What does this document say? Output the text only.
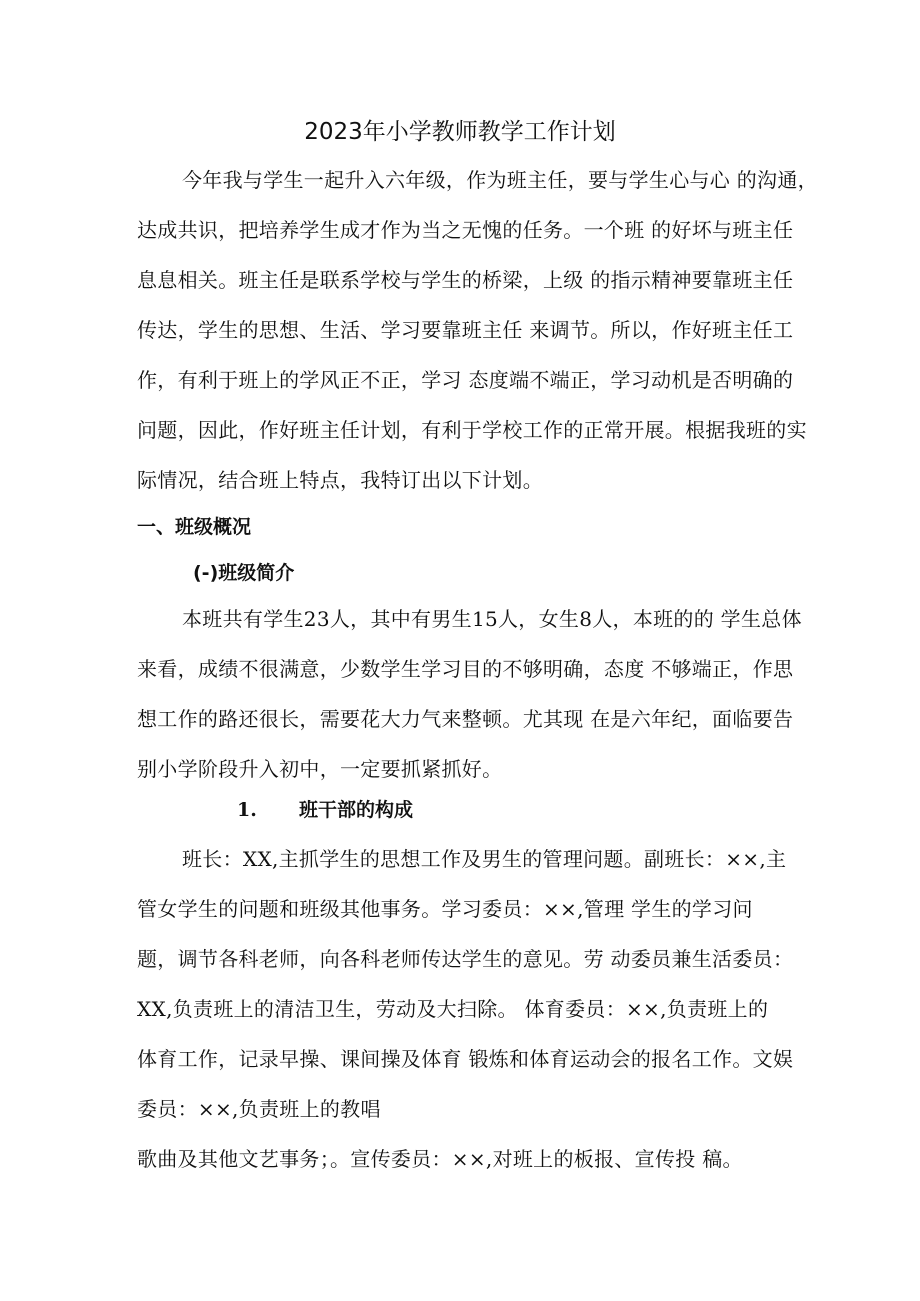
2023年小学教师教学工作计划
今年我与学生一起升入六年级，作为班主任，要与学生心与心 的沟通，
达成共识，把培养学生成才作为当之无愧的任务。一个班 的好坏与班主任
息息相关。班主任是联系学校与学生的桥梁，上级 的指示精神要靠班主任
传达，学生的思想、生活、学习要靠班主任 来调节。所以，作好班主任工
作，有利于班上的学风正不正，学习 态度端不端正，学习动机是否明确的
问题，因此，作好班主任计划，有利于学校工作的正常开展。根据我班的实
际情况，结合班上特点，我特订出以下计划。
一、班级概况
(-)班级简介
本班共有学生23人，其中有男生15人，女生8人，本班的的 学生总体
来看，成绩不很满意，少数学生学习目的不够明确，态度 不够端正，作思
想工作的路还很长，需要花大力气来整顿。尤其现 在是六年纪，面临要告
别小学阶段升入初中，一定要抓紧抓好。
1. 班干部的构成
班长：XX,主抓学生的思想工作及男生的管理问题。副班长：××,主
管女学生的问题和班级其他事务。学习委员：××,管理 学生的学习问
题，调节各科老师，向各科老师传达学生的意见。劳 动委员兼生活委员：
XX,负责班上的清洁卫生，劳动及大扫除。 体育委员：××,负责班上的
体育工作，记录早操、课间操及体育 锻炼和体育运动会的报名工作。文娱
委员：××,负责班上的教唱
歌曲及其他文艺事务；。宣传委员：××,对班上的板报、宣传投 稿。
